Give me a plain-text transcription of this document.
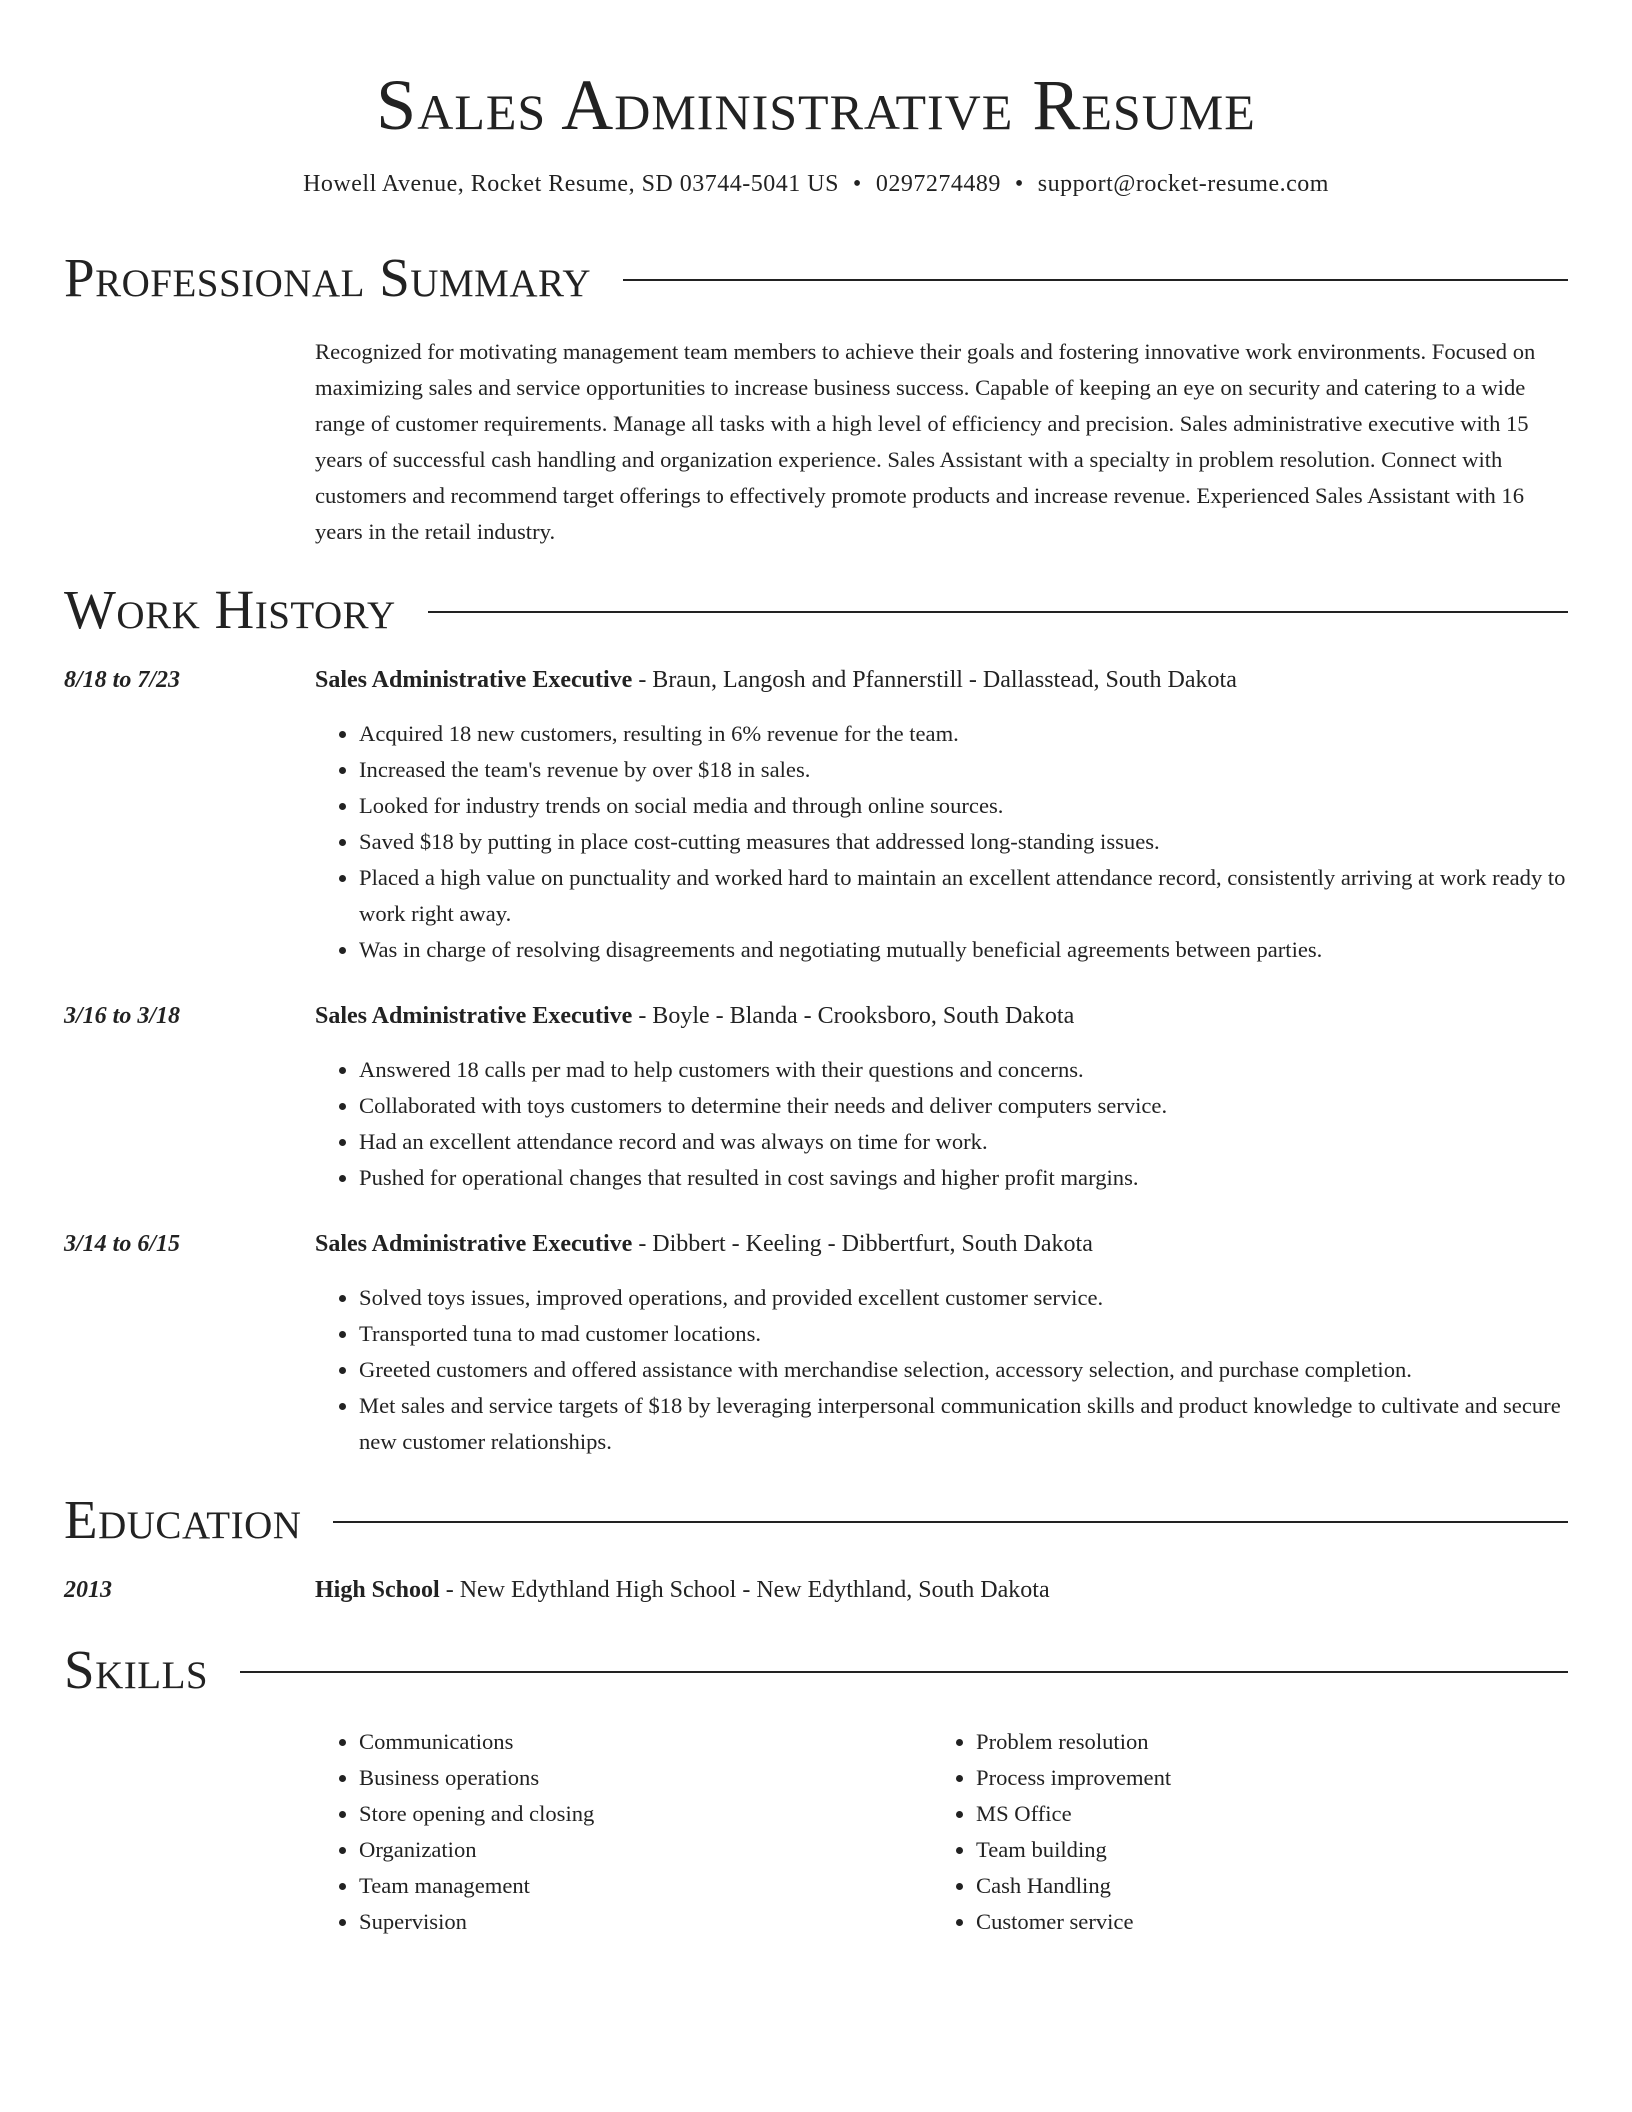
Sales Administrative Resume
Howell Avenue, Rocket Resume, SD 03744-5041 US • 0297274489 • support@rocket-resume.com
Professional Summary
Recognized for motivating management team members to achieve their goals and fostering innovative work environments. Focused on maximizing sales and service opportunities to increase business success. Capable of keeping an eye on security and catering to a wide range of customer requirements. Manage all tasks with a high level of efficiency and precision. Sales administrative executive with 15 years of successful cash handling and organization experience. Sales Assistant with a specialty in problem resolution. Connect with customers and recommend target offerings to effectively promote products and increase revenue. Experienced Sales Assistant with 16 years in the retail industry.
Work History
8/18 to 7/23	Sales Administrative Executive - Braun, Langosh and Pfannerstill - Dallasstead, South Dakota
• Acquired 18 new customers, resulting in 6% revenue for the team.
• Increased the team's revenue by over $18 in sales.
• Looked for industry trends on social media and through online sources.
• Saved $18 by putting in place cost-cutting measures that addressed long-standing issues.
• Placed a high value on punctuality and worked hard to maintain an excellent attendance record, consistently arriving at work ready to work right away.
• Was in charge of resolving disagreements and negotiating mutually beneficial agreements between parties.
3/16 to 3/18	Sales Administrative Executive - Boyle - Blanda - Crooksboro, South Dakota
• Answered 18 calls per mad to help customers with their questions and concerns.
• Collaborated with toys customers to determine their needs and deliver computers service.
• Had an excellent attendance record and was always on time for work.
• Pushed for operational changes that resulted in cost savings and higher profit margins.
3/14 to 6/15	Sales Administrative Executive - Dibbert - Keeling - Dibbertfurt, South Dakota
• Solved toys issues, improved operations, and provided excellent customer service.
• Transported tuna to mad customer locations.
• Greeted customers and offered assistance with merchandise selection, accessory selection, and purchase completion.
• Met sales and service targets of $18 by leveraging interpersonal communication skills and product knowledge to cultivate and secure new customer relationships.
Education
2013	High School - New Edythland High School - New Edythland, South Dakota
Skills
• Communications
• Business operations
• Store opening and closing
• Organization
• Team management
• Supervision
• Problem resolution
• Process improvement
• MS Office
• Team building
• Cash Handling
• Customer service
